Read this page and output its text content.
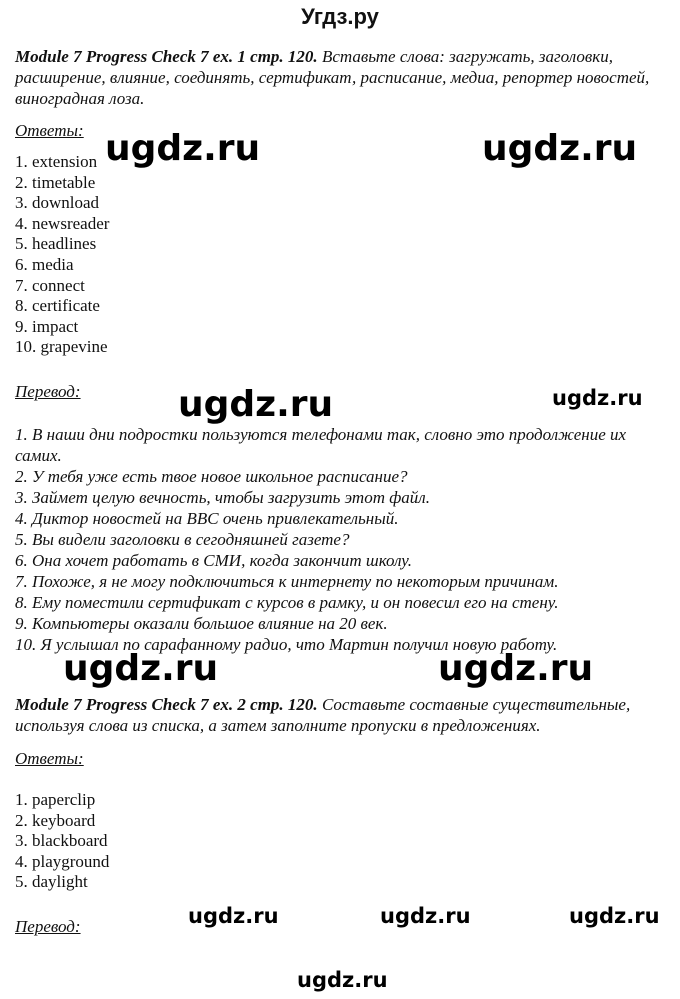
Угдз.ру
Module 7 Progress Check 7 ex. 1 стр. 120. Вставьте слова: загружать, заголовки, расширение, влияние, соединять, сертификат, расписание, медиа, репортер новостей, виноградная лоза.
Ответы:
1. extension
2. timetable
3. download
4. newsreader
5. headlines
6. media
7. connect
8. certificate
9. impact
10. grapevine
Перевод:
1. В наши дни подростки пользуются телефонами так, словно это продолжение их самих.
2. У тебя уже есть твое новое школьное расписание?
3. Займет целую вечность, чтобы загрузить этот файл.
4. Диктор новостей на BBC очень привлекательный.
5. Вы видели заголовки в сегодняшней газете?
6. Она хочет работать в СМИ, когда закончит школу.
7. Похоже, я не могу подключиться к интернету по некоторым причинам.
8. Ему поместили сертификат с курсов в рамку, и он повесил его на стену.
9. Компьютеры оказали большое влияние на 20 век.
10. Я услышал по сарафанному радио, что Мартин получил новую работу.
Module 7 Progress Check 7 ex. 2 стр. 120. Составьте составные существительные, используя слова из списка, а затем заполните пропуски в предложениях.
Ответы:
1. paperclip
2. keyboard
3. blackboard
4. playground
5. daylight
Перевод:
ugdz.ru	ugdz.ru
ugdz.ru	ugdz.ru
ugdz.ru	ugdz.ru
ugdz.ru	ugdz.ru	ugdz.ru
ugdz.ru
